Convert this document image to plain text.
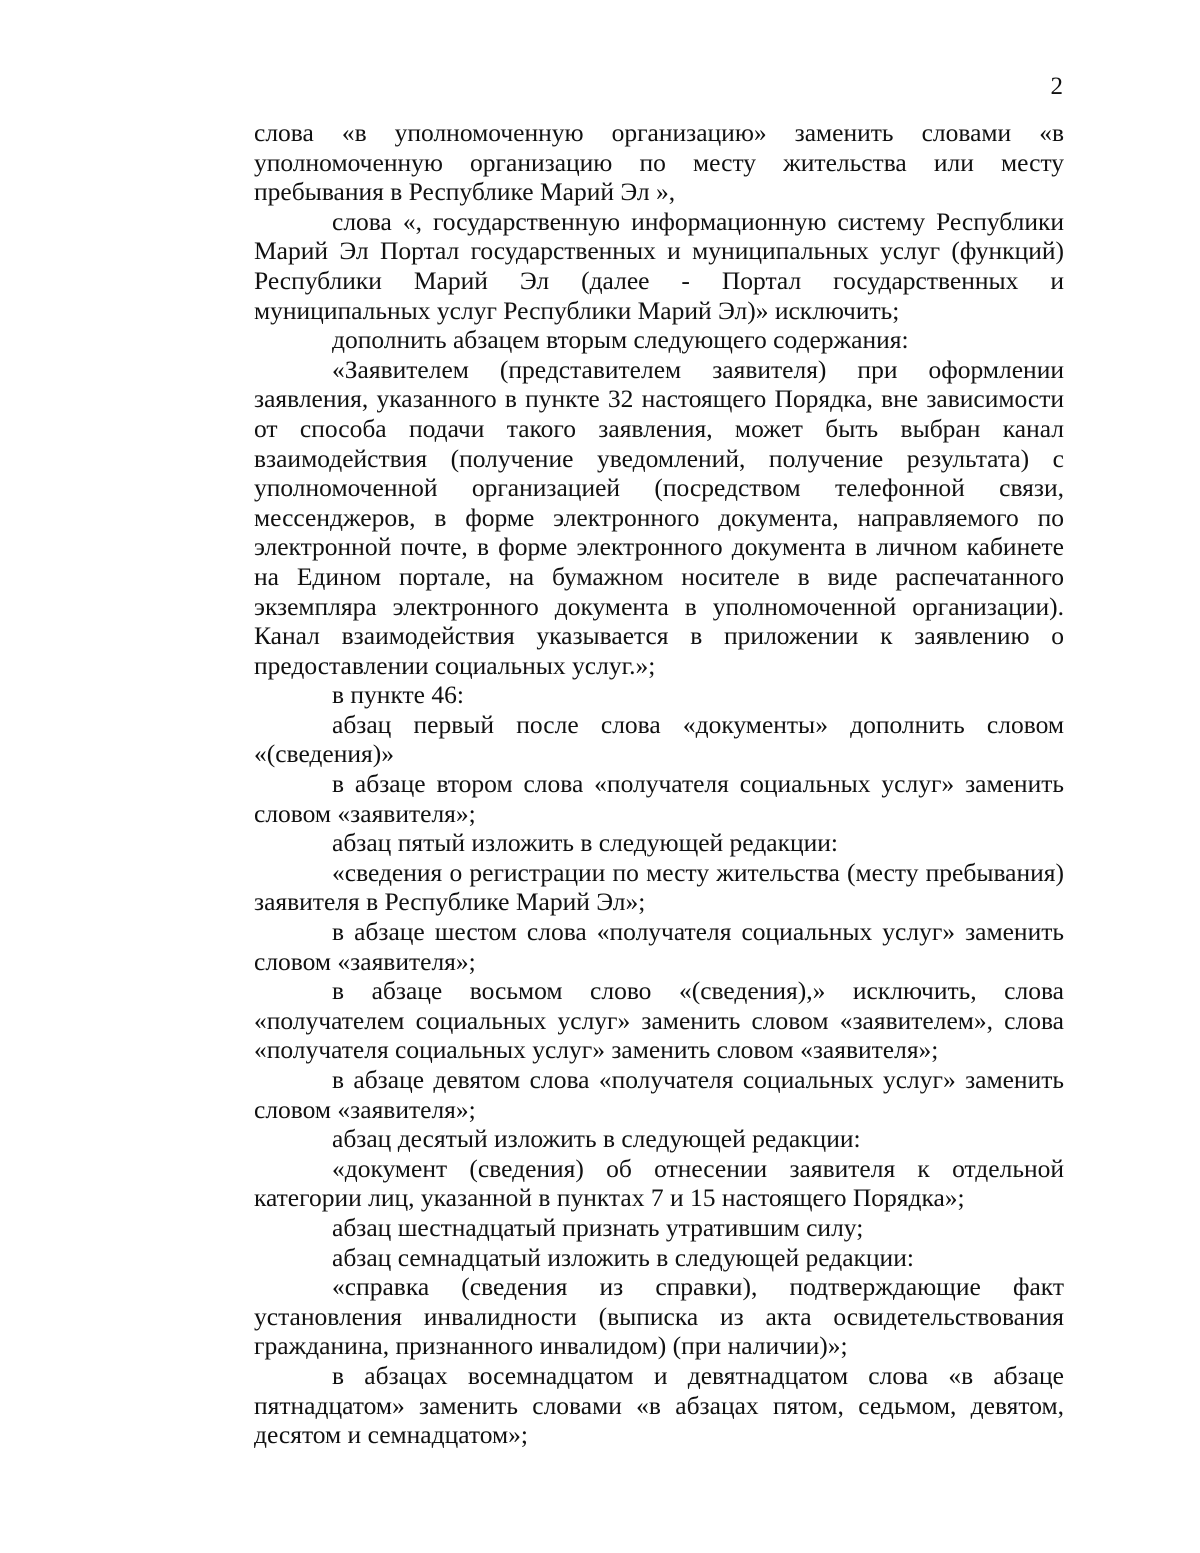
2

слова «в уполномоченную организацию» заменить словами «в уполномоченную организацию по месту жительства или месту пребывания в Республике Марий Эл »,

слова «, государственную информационную систему Республики Марий Эл Портал государственных и муниципальных услуг (функций) Республики Марий Эл (далее - Портал государственных и муниципальных услуг Республики Марий Эл)» исключить;

дополнить абзацем вторым следующего содержания:

«Заявителем (представителем заявителя) при оформлении заявления, указанного в пункте 32 настоящего Порядка, вне зависимости от способа подачи такого заявления, может быть выбран канал взаимодействия (получение уведомлений, получение результата) с уполномоченной организацией (посредством телефонной связи, мессенджеров, в форме электронного документа, направляемого по электронной почте, в форме электронного документа в личном кабинете на Едином портале, на бумажном носителе в виде распечатанного экземпляра электронного документа в уполномоченной организации). Канал взаимодействия указывается в приложении к заявлению о предоставлении социальных услуг.»;

в пункте 46:

абзац первый после слова «документы» дополнить словом «(сведения)»

в абзаце втором слова «получателя социальных услуг» заменить словом «заявителя»;

абзац пятый изложить в следующей редакции:

«сведения о регистрации по месту жительства (месту пребывания) заявителя в Республике Марий Эл»;

в абзаце шестом слова «получателя социальных услуг» заменить словом «заявителя»;

в абзаце восьмом слово «(сведения),» исключить, слова «получателем социальных услуг» заменить словом «заявителем», слова «получателя социальных услуг» заменить словом «заявителя»;

в абзаце девятом слова «получателя социальных услуг» заменить словом «заявителя»;

абзац десятый изложить в следующей редакции:

«документ (сведения) об отнесении заявителя к отдельной категории лиц, указанной в пунктах 7 и 15 настоящего Порядка»;

абзац шестнадцатый признать утратившим силу;

абзац семнадцатый изложить в следующей редакции:

«справка (сведения из справки), подтверждающие факт установления инвалидности (выписка из акта освидетельствования гражданина, признанного инвалидом) (при наличии)»;

в абзацах восемнадцатом и девятнадцатом слова «в абзаце пятнадцатом» заменить словами «в абзацах пятом, седьмом, девятом, десятом и семнадцатом»;
